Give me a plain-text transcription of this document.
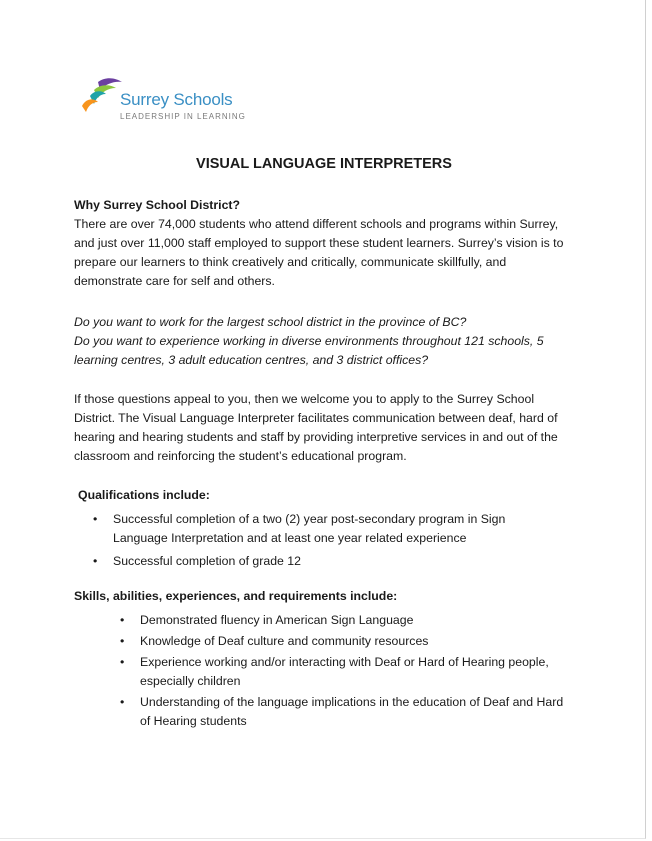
Surrey Schools
LEADERSHIP IN LEARNING
VISUAL LANGUAGE INTERPRETERS

Why Surrey School District?

There are over 74,000 students who attend different schools and programs within Surrey, and just over 11,000 staff employed to support these student learners. Surrey’s vision is to prepare our learners to think creatively and critically, communicate skillfully, and demonstrate care for self and others.

Do you want to work for the largest school district in the province of BC?

Do you want to experience working in diverse environments throughout 121 schools, 5 learning centres, 3 adult education centres, and 3 district offices?

If those questions appeal to you, then we welcome you to apply to the Surrey School District. The Visual Language Interpreter facilitates communication between deaf, hard of hearing and hearing students and staff by providing interpretive services in and out of the classroom and reinforcing the student’s educational program.

Qualifications include:

• Successful completion of a two (2) year post-secondary program in Sign Language Interpretation and at least one year related experience
• Successful completion of grade 12

Skills, abilities, experiences, and requirements include:

• Demonstrated fluency in American Sign Language
• Knowledge of Deaf culture and community resources
• Experience working and/or interacting with Deaf or Hard of Hearing people, especially children
• Understanding of the language implications in the education of Deaf and Hard of Hearing students
